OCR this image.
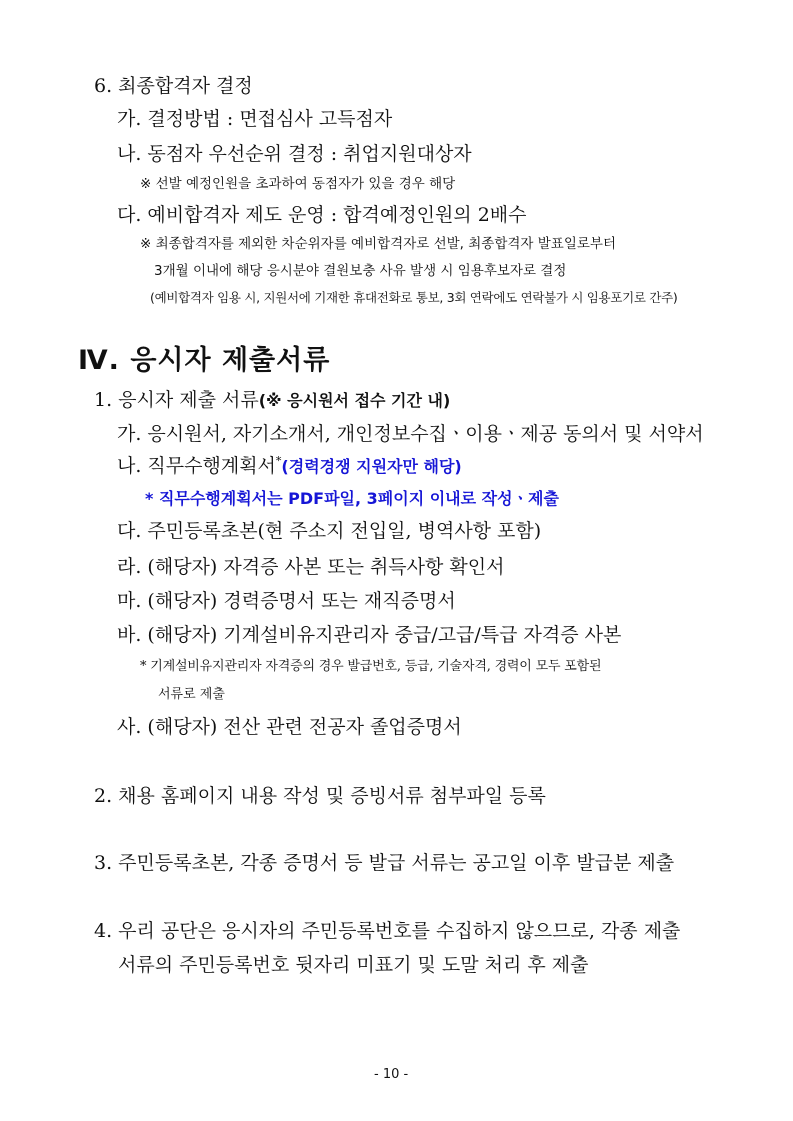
6. 최종합격자 결정
가. 결정방법 : 면접심사 고득점자
나. 동점자 우선순위 결정 : 취업지원대상자
※ 선발 예정인원을 초과하여 동점자가 있을 경우 해당
다. 예비합격자 제도 운영 : 합격예정인원의 2배수
※ 최종합격자를 제외한 차순위자를 예비합격자로 선발, 최종합격자 발표일로부터
3개월 이내에 해당 응시분야 결원보충 사유 발생 시 임용후보자로 결정
(예비합격자 임용 시, 지원서에 기재한 휴대전화로 통보, 3회 연락에도 연락불가 시 임용포기로 간주)
Ⅳ. 응시자 제출서류
1. 응시자 제출 서류(※ 응시원서 접수 기간 내)
가. 응시원서, 자기소개서, 개인정보수집ㆍ이용ㆍ제공 동의서 및 서약서
나. 직무수행계획서*(경력경쟁 지원자만 해당)
* 직무수행계획서는 PDF파일, 3페이지 이내로 작성ㆍ제출
다. 주민등록초본(현 주소지 전입일, 병역사항 포함)
라. (해당자) 자격증 사본 또는 취득사항 확인서
마. (해당자) 경력증명서 또는 재직증명서
바. (해당자) 기계설비유지관리자 중급/고급/특급 자격증 사본
* 기계설비유지관리자 자격증의 경우 발급번호, 등급, 기술자격, 경력이 모두 포함된
서류로 제출
사. (해당자) 전산 관련 전공자 졸업증명서
2. 채용 홈페이지 내용 작성 및 증빙서류 첨부파일 등록
3. 주민등록초본, 각종 증명서 등 발급 서류는 공고일 이후 발급분 제출
4. 우리 공단은 응시자의 주민등록번호를 수집하지 않으므로, 각종 제출
서류의 주민등록번호 뒷자리 미표기 및 도말 처리 후 제출
- 10 -
